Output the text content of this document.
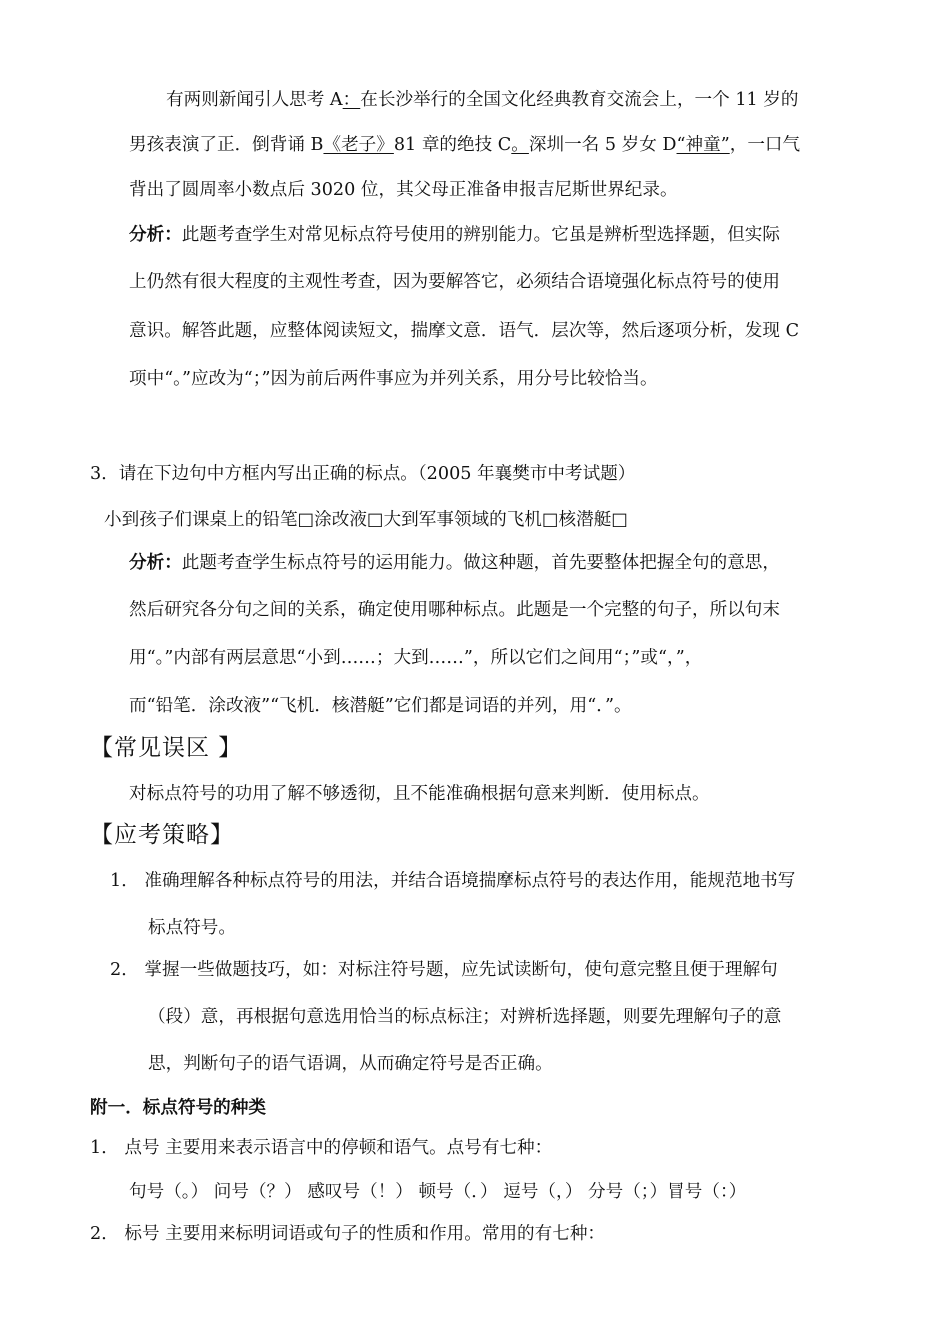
有两则新闻引人思考 A：在长沙举行的全国文化经典教育交流会上，一个 11 岁的
男孩表演了正．倒背诵 B《老子》81 章的绝技 C。深圳一名 5 岁女 D“神童”，一口气
背出了圆周率小数点后 3020 位，其父母正准备申报吉尼斯世界纪录。
分析：此题考查学生对常见标点符号使用的辨别能力。它虽是辨析型选择题，但实际
上仍然有很大程度的主观性考查，因为要解答它，必须结合语境强化标点符号的使用
意识。解答此题，应整体阅读短文，揣摩文意．语气．层次等，然后逐项分析，发现 C
项中“。”应改为“；”因为前后两件事应为并列关系，用分号比较恰当。
3．请在下边句中方框内写出正确的标点。（2005 年襄樊市中考试题）
小到孩子们课桌上的铅笔□涂改液□大到军事领域的飞机□核潜艇□
分析：此题考查学生标点符号的运用能力。做这种题，首先要整体把握全句的意思，
然后研究各分句之间的关系，确定使用哪种标点。此题是一个完整的句子，所以句末
用“。”内部有两层意思“小到……；大到……”，所以它们之间用“；”或“，”，
而“铅笔．涂改液”“飞机．核潜艇”它们都是词语的并列，用“．”。
【常见误区 】
对标点符号的功用了解不够透彻，且不能准确根据句意来判断．使用标点。
【应考策略】
1． 准确理解各种标点符号的用法，并结合语境揣摩标点符号的表达作用，能规范地书写
标点符号。
2． 掌握一些做题技巧，如：对标注符号题，应先试读断句，使句意完整且便于理解句
（段）意，再根据句意选用恰当的标点标注；对辨析选择题，则要先理解句子的意
思，判断句子的语气语调，从而确定符号是否正确。
附一．标点符号的种类
1． 点号 主要用来表示语言中的停顿和语气。点号有七种：
句号（。） 问号（？） 感叹号（！） 顿号（．） 逗号（，） 分号（；）冒号（：）
2． 标号 主要用来标明词语或句子的性质和作用。常用的有七种：
